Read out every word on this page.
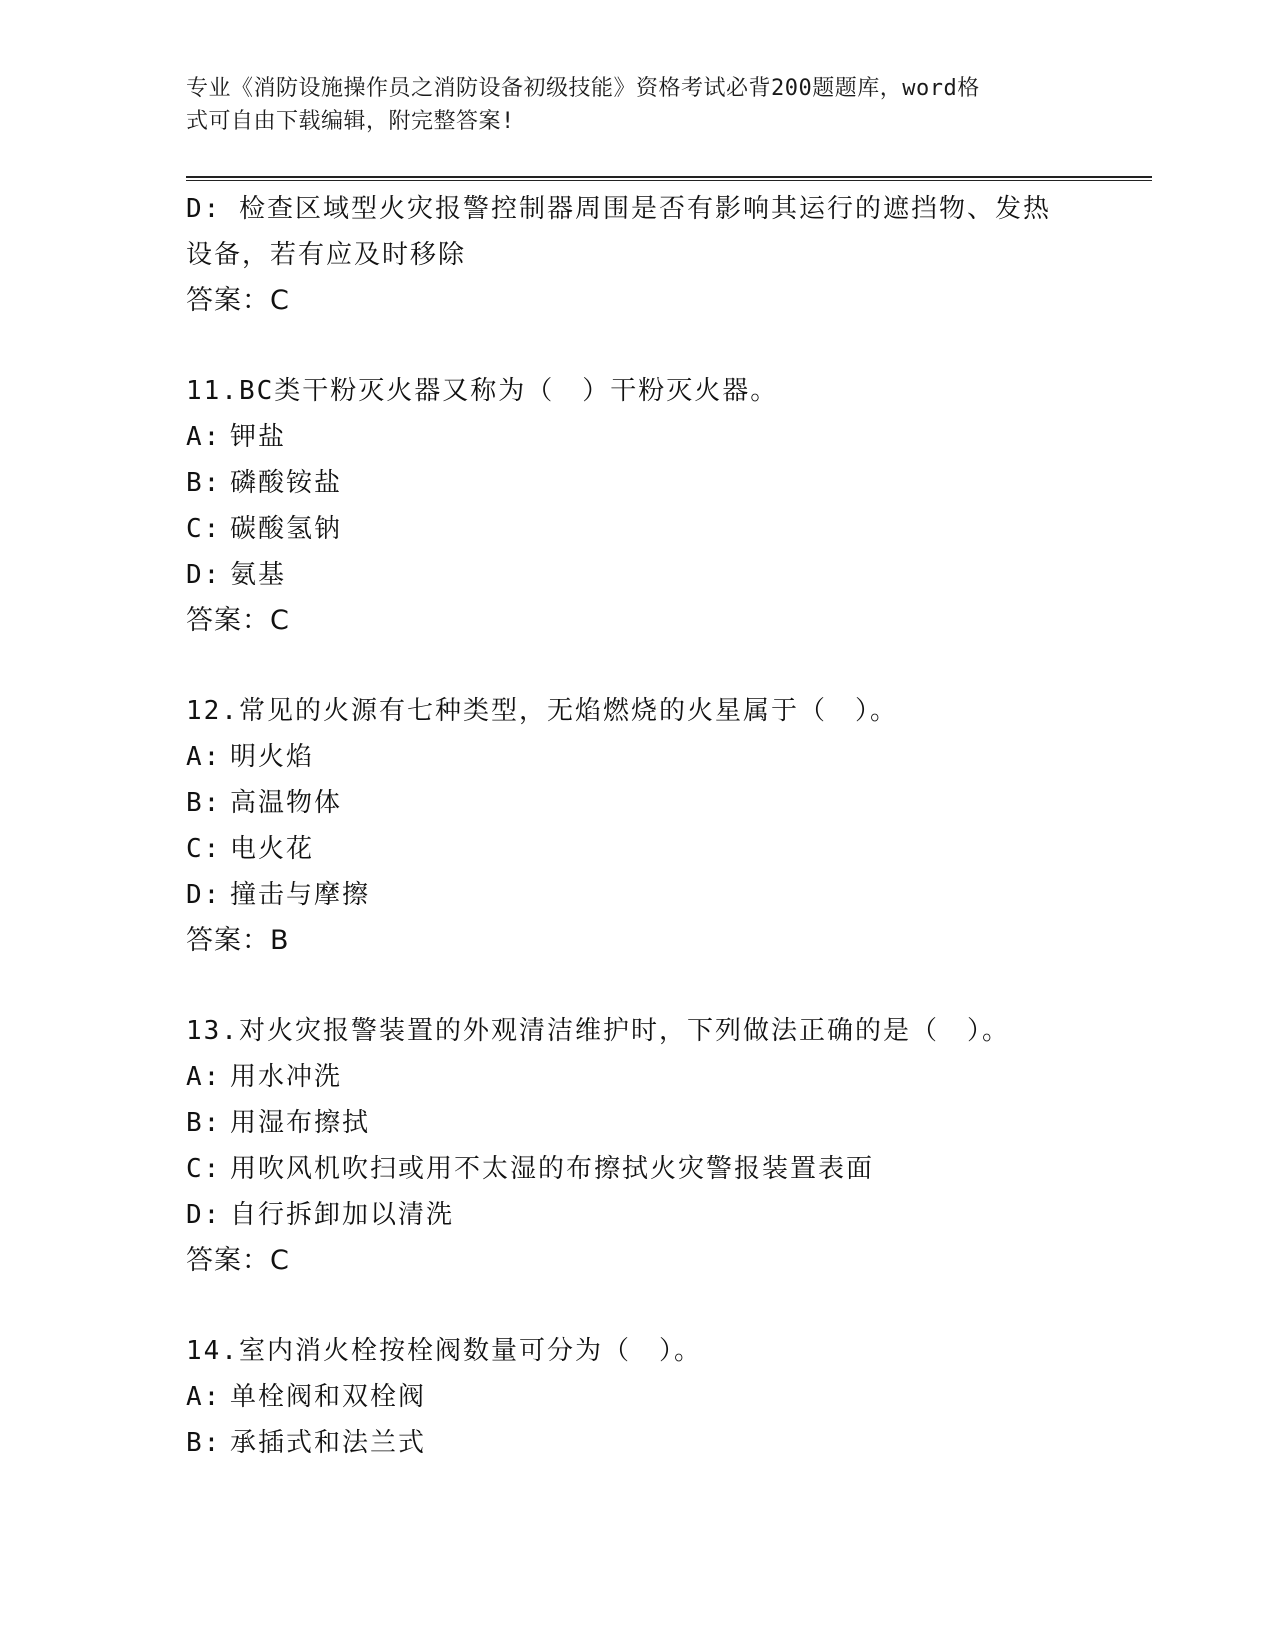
专业《消防设施操作员之消防设备初级技能》资格考试必背200题题库，word格
式可自由下载编辑，附完整答案!
D: 检查区域型火灾报警控制器周围是否有影响其运行的遮挡物、发热
设备，若有应及时移除
答案：C
11.BC类干粉灭火器又称为（　）干粉灭火器。
A: 钾盐
B: 磷酸铵盐
C: 碳酸氢钠
D: 氨基
答案：C
12.常见的火源有七种类型，无焰燃烧的火星属于（　）。
A: 明火焰
B: 高温物体
C: 电火花
D: 撞击与摩擦
答案：B
13.对火灾报警装置的外观清洁维护时，下列做法正确的是（　）。
A: 用水冲洗
B: 用湿布擦拭
C: 用吹风机吹扫或用不太湿的布擦拭火灾警报装置表面
D: 自行拆卸加以清洗
答案：C
14.室内消火栓按栓阀数量可分为（　）。
A: 单栓阀和双栓阀
B: 承插式和法兰式
